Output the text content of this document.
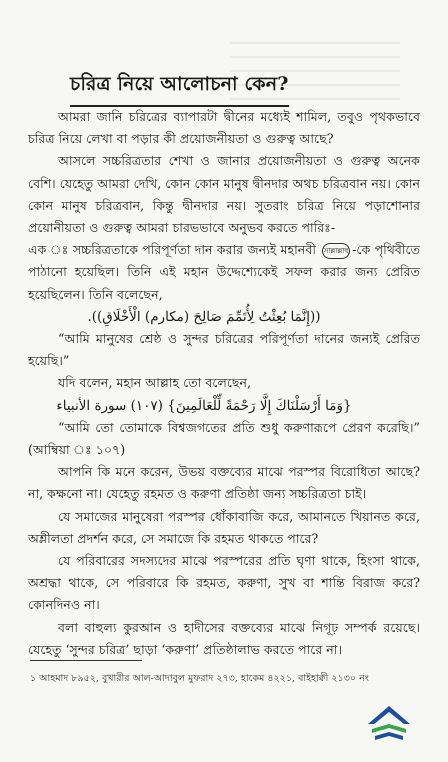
চরিত্র নিয়ে আলোচনা কেন?

আমরা জানি চরিত্রের ব্যাপারটা দ্বীনের মধ্যেই শামিল, তবুও পৃথকভাবে চরিত্র নিয়ে লেখা বা পড়ার কী প্রয়োজনীয়তা ও গুরুত্ব আছে?

আসলে সচ্চরিত্রতার শেখা ও জানার প্রয়োজনীয়তা ও গুরুত্ব অনেক বেশি। যেহেতু আমরা দেখি, কোন কোন মানুষ দ্বীনদার অথচ চরিত্রবান নয়। কোন কোন মানুষ চরিত্রবান, কিন্তু দ্বীনদার নয়। সুতরাং চরিত্র নিয়ে পড়াশোনার প্রয়োনীয়তা ও গুরুত্ব আমরা চারভভাবে অনুভব করতে পারিঃ-

এক ঃ সচ্চরিত্রতাকে পরিপূর্ণতা দান করার জন্যই মহানবী সাল্লাল্লাহু-কে পৃথিবীতে পাঠানো হয়েছিল। তিনি এই মহান উদ্দেশ্যেকেই সফল করার জন্য প্রেরিত হয়েছিলেন। তিনি বলেছেন,

((إِنَّمَا بُعِثْتُ لِأُتَمِّمَ صَالِحَ (مكارم) الْأَخْلَاقِ)).

“আমি মানুষের শ্রেষ্ঠ ও সুন্দর চরিত্রের পরিপূর্ণতা দানের জন্যই প্রেরিত হয়েছি।”

যদি বলেন, মহান আল্লাহ তো বলেছেন,

{وَمَا أَرْسَلْنَاكَ إِلَّا رَحْمَةً لِّلْعَالَمِينَ} (١٠٧) سورة الأنبياء

“আমি তো তোমাকে বিশ্বজগতের প্রতি শুধু করুণারূপে প্রেরণ করেছি।” (আম্বিয়া ঃ ১০৭)

আপনি কি মনে করেন, উভয় বক্তব্যের মাঝে পরস্পর বিরোধিতা আছে? না, কক্ষনো না। যেহেতু রহমত ও করুণা প্রতিষ্ঠা জন্য সচ্চরিত্রতা চাই।

যে সমাজের মানুষেরা পরস্পর ধোঁকাবাজি করে, আমানতে খিয়ানত করে, অশ্লীলতা প্রদর্শন করে, সে সমাজে কি রহমত থাকতে পারে?

যে পরিবারের সদস্যদের মাঝে পরস্পরের প্রতি ঘৃণা থাকে, হিংসা থাকে, অশ্রদ্ধা থাকে, সে পরিবারে কি রহমত, করুণা, সুখ বা শান্তি বিরাজ করে? কোনদিনও না।

বলা বাহুল্য কুরআন ও হাদীসের বক্তব্যের মাঝে নিগূঢ় সম্পর্ক রয়েছে। যেহেতু ‘সুন্দর চরিত্র’ ছাড়া ‘করুণা’ প্রতিষ্ঠালাভ করতে পারে না।

১ আহমাদ ৮৯৫২, বুখারীর আল-আদাবুল মুফরাদ ২৭৩, হাকেম ৪২২১, বাইহাক্বী ২১৩০ নং
